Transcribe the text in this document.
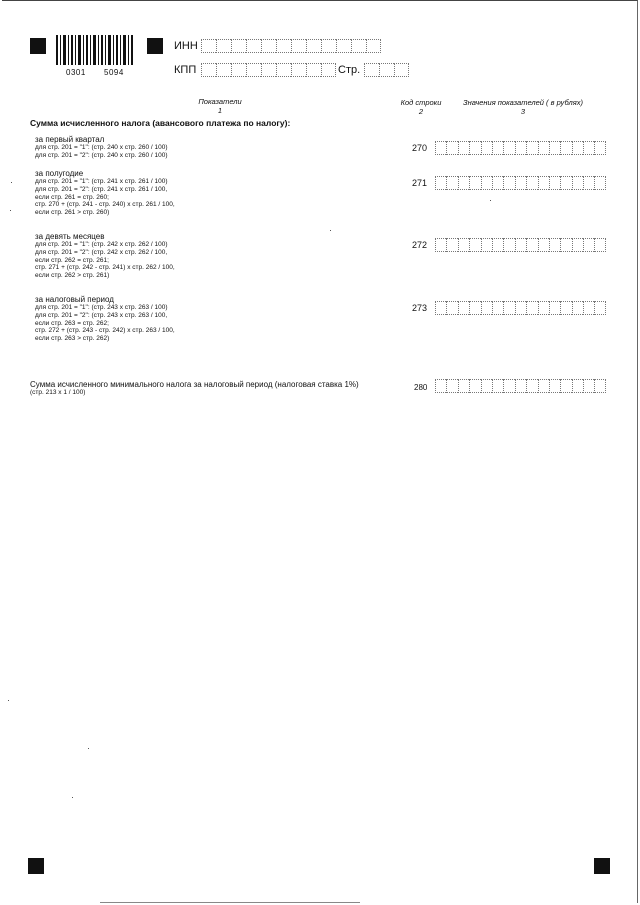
0301 5094
ИНН
КПП	Стр.
Показатели
1
Код строки
2
Значения показателей ( в рублях)
3
Сумма исчисленного налога (авансового платежа по налогу):
за первый квартал
для стр. 201 = "1": (стр. 240 х стр. 260 / 100)
для стр. 201 = "2": (стр. 240 х стр. 260 / 100)
270
за полугодие
для стр. 201 = "1": (стр. 241 х стр. 261 / 100)
для стр. 201 = "2": (стр. 241 х стр. 261 / 100,
если стр. 261 = стр. 260;
стр. 270 + (стр. 241 - стр. 240) х стр. 261 / 100,
если стр. 261 > стр. 260)
271
за девять месяцев
для стр. 201 = "1": (стр. 242 х стр. 262 / 100)
для стр. 201 = "2": (стр. 242 х стр. 262 / 100,
если стр. 262 = стр. 261;
стр. 271 + (стр. 242 - стр. 241) х стр. 262 / 100,
если стр. 262 > стр. 261)
272
за налоговый период
для стр. 201 = "1": (стр. 243 х стр. 263 / 100)
для стр. 201 = "2": (стр. 243 х стр. 263 / 100,
если стр. 263 = стр. 262;
стр. 272 + (стр. 243 - стр. 242) х стр. 263 / 100,
если стр. 263 > стр. 262)
273
Сумма исчисленного минимального налога за налоговый период (налоговая ставка 1%)
(стр. 213 х 1 / 100)
280
